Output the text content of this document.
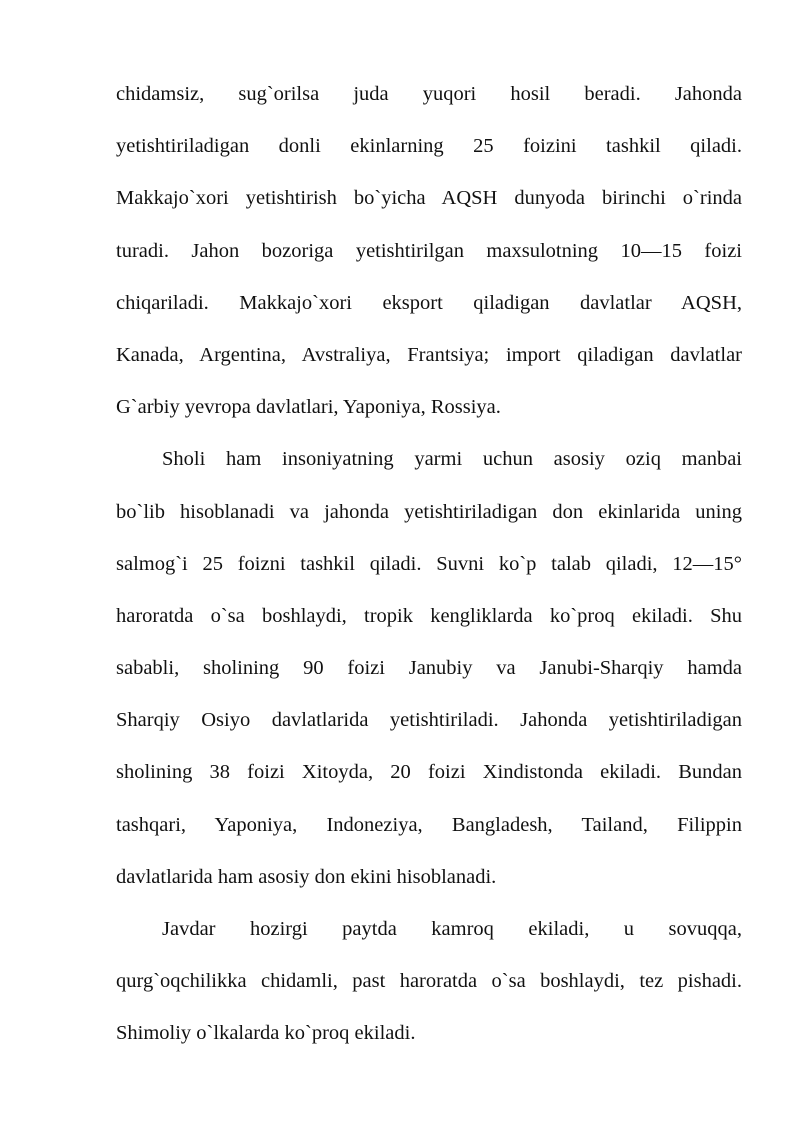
chidamsiz, sug`orilsa juda yuqori hosil beradi. Jahonda
yetishtiriladigan donli ekinlarning 25 foizini tashkil qiladi.
Makkajo`xori yetishtirish bo`yicha AQSH dunyoda birinchi o`rinda
turadi. Jahon bozoriga yetishtirilgan maxsulotning 10—15 foizi
chiqariladi. Makkajo`xori eksport qiladigan davlatlar AQSH,
Kanada, Argentina, Avstraliya, Frantsiya; import qiladigan davlatlar
G`arbiy yevropa davlatlari, Yaponiya, Rossiya.
Sholi ham insoniyatning yarmi uchun asosiy oziq manbai
bo`lib hisoblanadi va jahonda yetishtiriladigan don ekinlarida uning
salmog`i 25 foizni tashkil qiladi. Suvni ko`p talab qiladi, 12—15°
haroratda o`sa boshlaydi, tropik kengliklarda ko`proq ekiladi. Shu
sababli, sholining 90 foizi Janubiy va Janubi-Sharqiy hamda
Sharqiy Osiyo davlatlarida yetishtiriladi. Jahonda yetishtiriladigan
sholining 38 foizi Xitoyda, 20 foizi Xindistonda ekiladi. Bundan
tashqari, Yaponiya, Indoneziya, Bangladesh, Tailand, Filippin
davlatlarida ham asosiy don ekini hisoblanadi.
Javdar hozirgi paytda kamroq ekiladi, u sovuqqa,
qurg`oqchilikka chidamli, past haroratda o`sa boshlaydi, tez pishadi.
Shimoliy o`lkalarda ko`proq ekiladi.
